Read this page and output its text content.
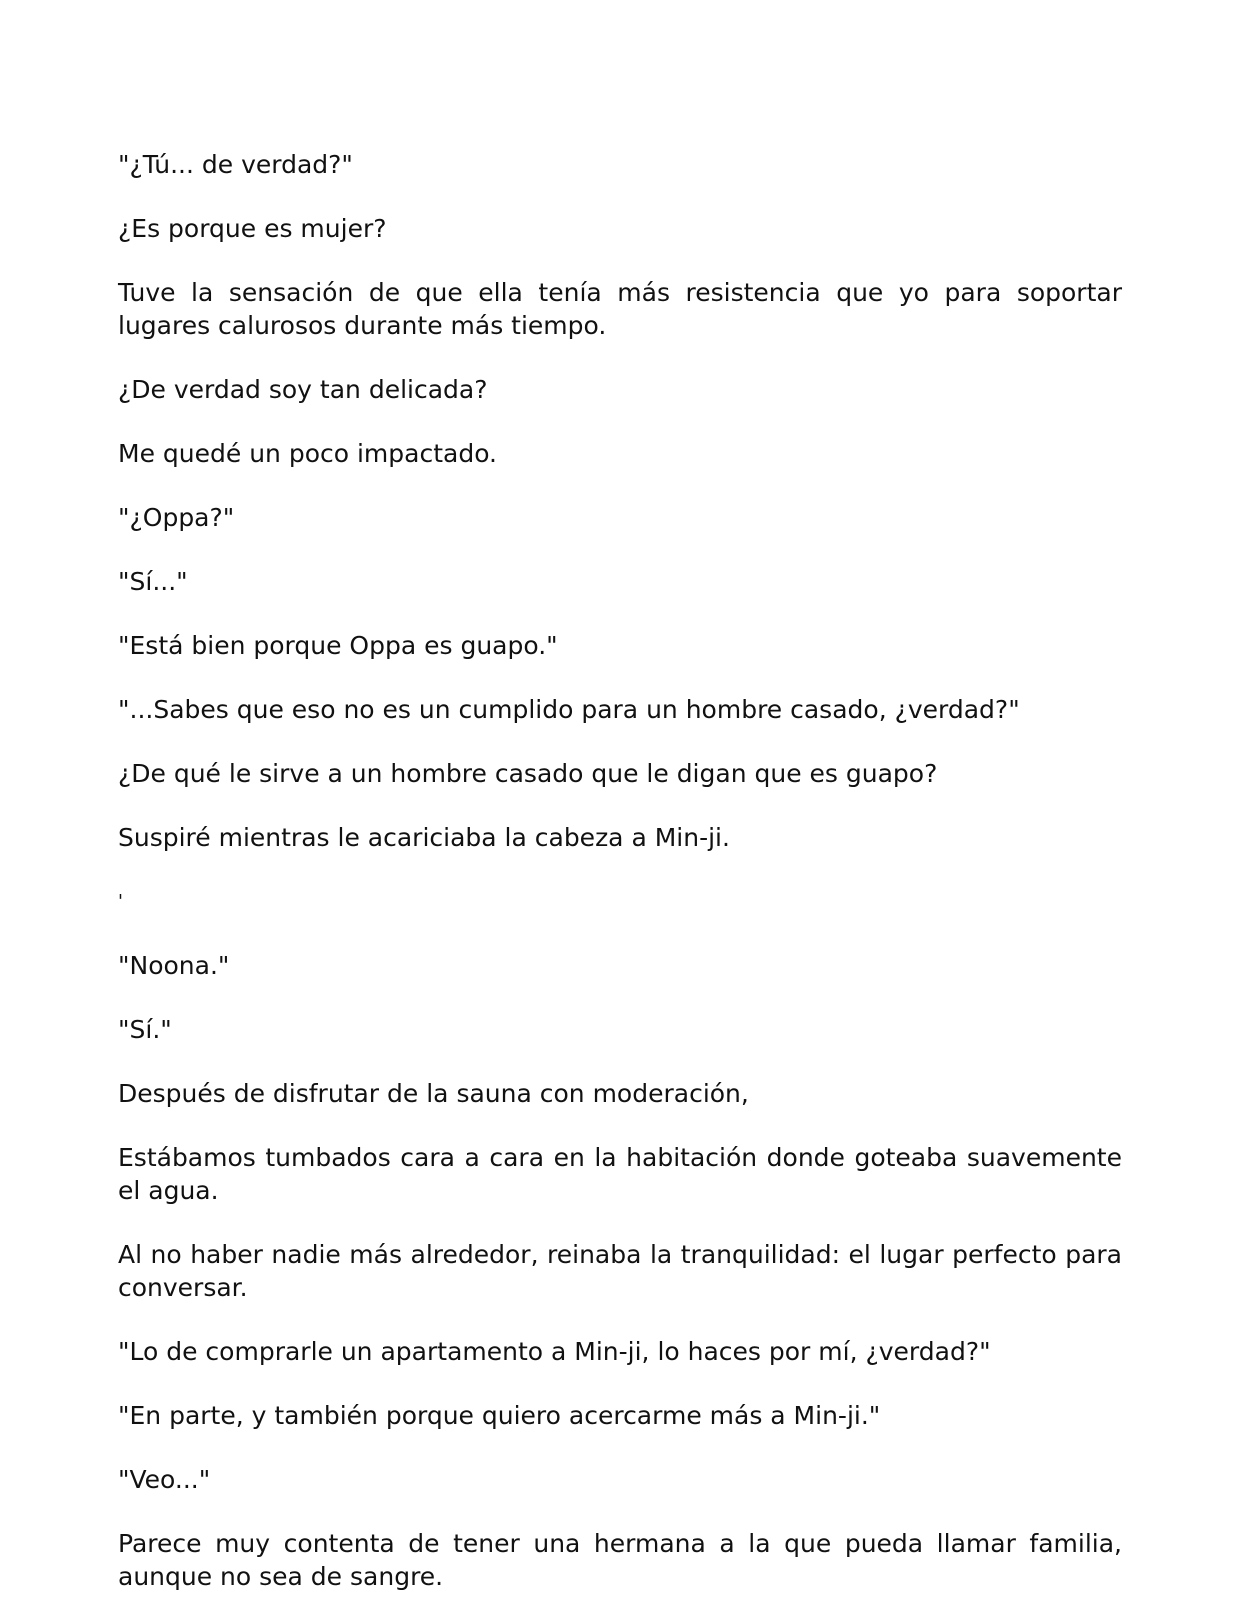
"¿Tú... de verdad?"

¿Es porque es mujer?

Tuve la sensación de que ella tenía más resistencia que yo para soportar lugares calurosos durante más tiempo.

¿De verdad soy tan delicada?

Me quedé un poco impactado.

"¿Oppa?"

"Sí..."

"Está bien porque Oppa es guapo."

"...Sabes que eso no es un cumplido para un hombre casado, ¿verdad?"

¿De qué le sirve a un hombre casado que le digan que es guapo?

Suspiré mientras le acariciaba la cabeza a Min-ji.

'

"Noona."

"Sí."

Después de disfrutar de la sauna con moderación,

Estábamos tumbados cara a cara en la habitación donde goteaba suavemente el agua.

Al no haber nadie más alrededor, reinaba la tranquilidad: el lugar perfecto para conversar.

"Lo de comprarle un apartamento a Min-ji, lo haces por mí, ¿verdad?"

"En parte, y también porque quiero acercarme más a Min-ji."

"Veo..."

Parece muy contenta de tener una hermana a la que pueda llamar familia, aunque no sea de sangre.
